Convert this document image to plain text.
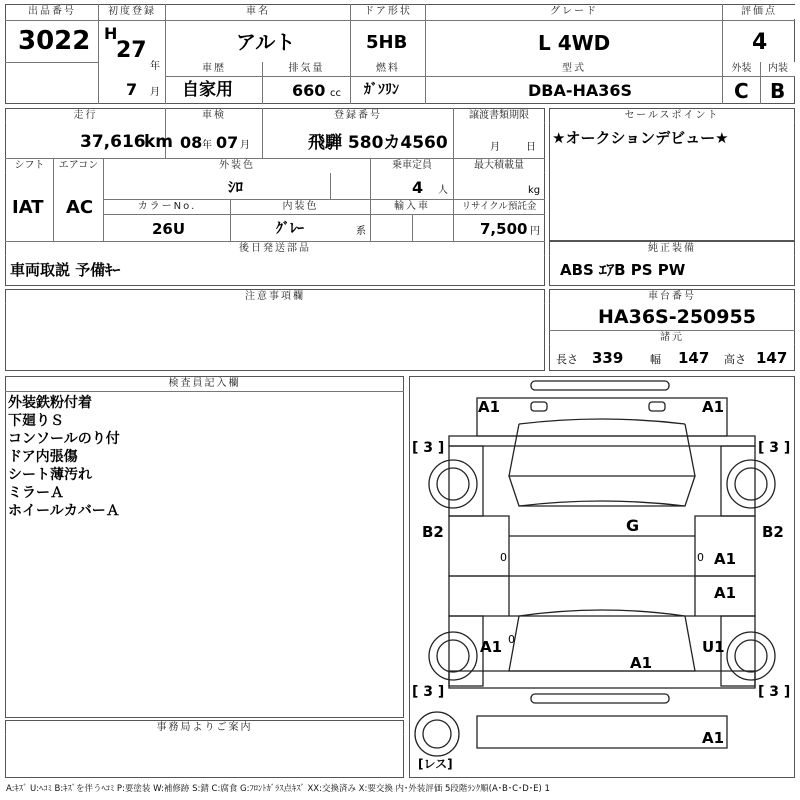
出品番号
3022
初度登録
H
27
年
7 月
車名
アルト
ドア形状
5HB
グレード
L 4WD
評価点
4
車歴
自家用
排気量
660 cc
燃料
ｶﾞｿﾘﾝ
型式
DBA-HA36S
外装	内装
C B
走行
37,616
km
車検
08 年 07 月
登録番号
飛騨 580カ4560
譲渡書類期限
月	日
シフト
IAT
エアコン
AC
外装色
ｼﾛ
乗車定員
4 人
最大積載量
kg
カラーNo.
26U
内装色
ｸﾞﾚｰ	系
輸入車	リサイクル預託金
7,500 円
後日発送部品
車両取説 予備ｷｰ
セールスポイント
★オークションデビュー★
純正装備
ABS ｴｱB PS PW
注意事項欄	車台番号
HA36S-250955
諸元
長さ 339 幅 147 高さ 147
検査員記入欄
外装鉄粉付着
下廻りＳ
コンソールのり付
ドア内張傷
シート薄汚れ
ミラーＡ
ホイールカバーＡ
事務局よりご案内
A1	A1
B2	B2
G
A1
A1
A1	U1
A1
A1
0	0
0
[ 3 ]	[ 3 ]
[ 3 ]	[ 3 ]
[レス]
A:ｷｽﾞ U:ﾍｺﾐ B:ｷｽﾞを伴うﾍｺﾐ P:要塗装 W:補修跡 S:錆 C:腐食 G:ﾌﾛﾝﾄｶﾞﾗｽ点ｷｽﾞ XX:交換済み X:要交換 内･外装評価 5段階ﾗﾝｸ順(A･B･C･D･E) 1
